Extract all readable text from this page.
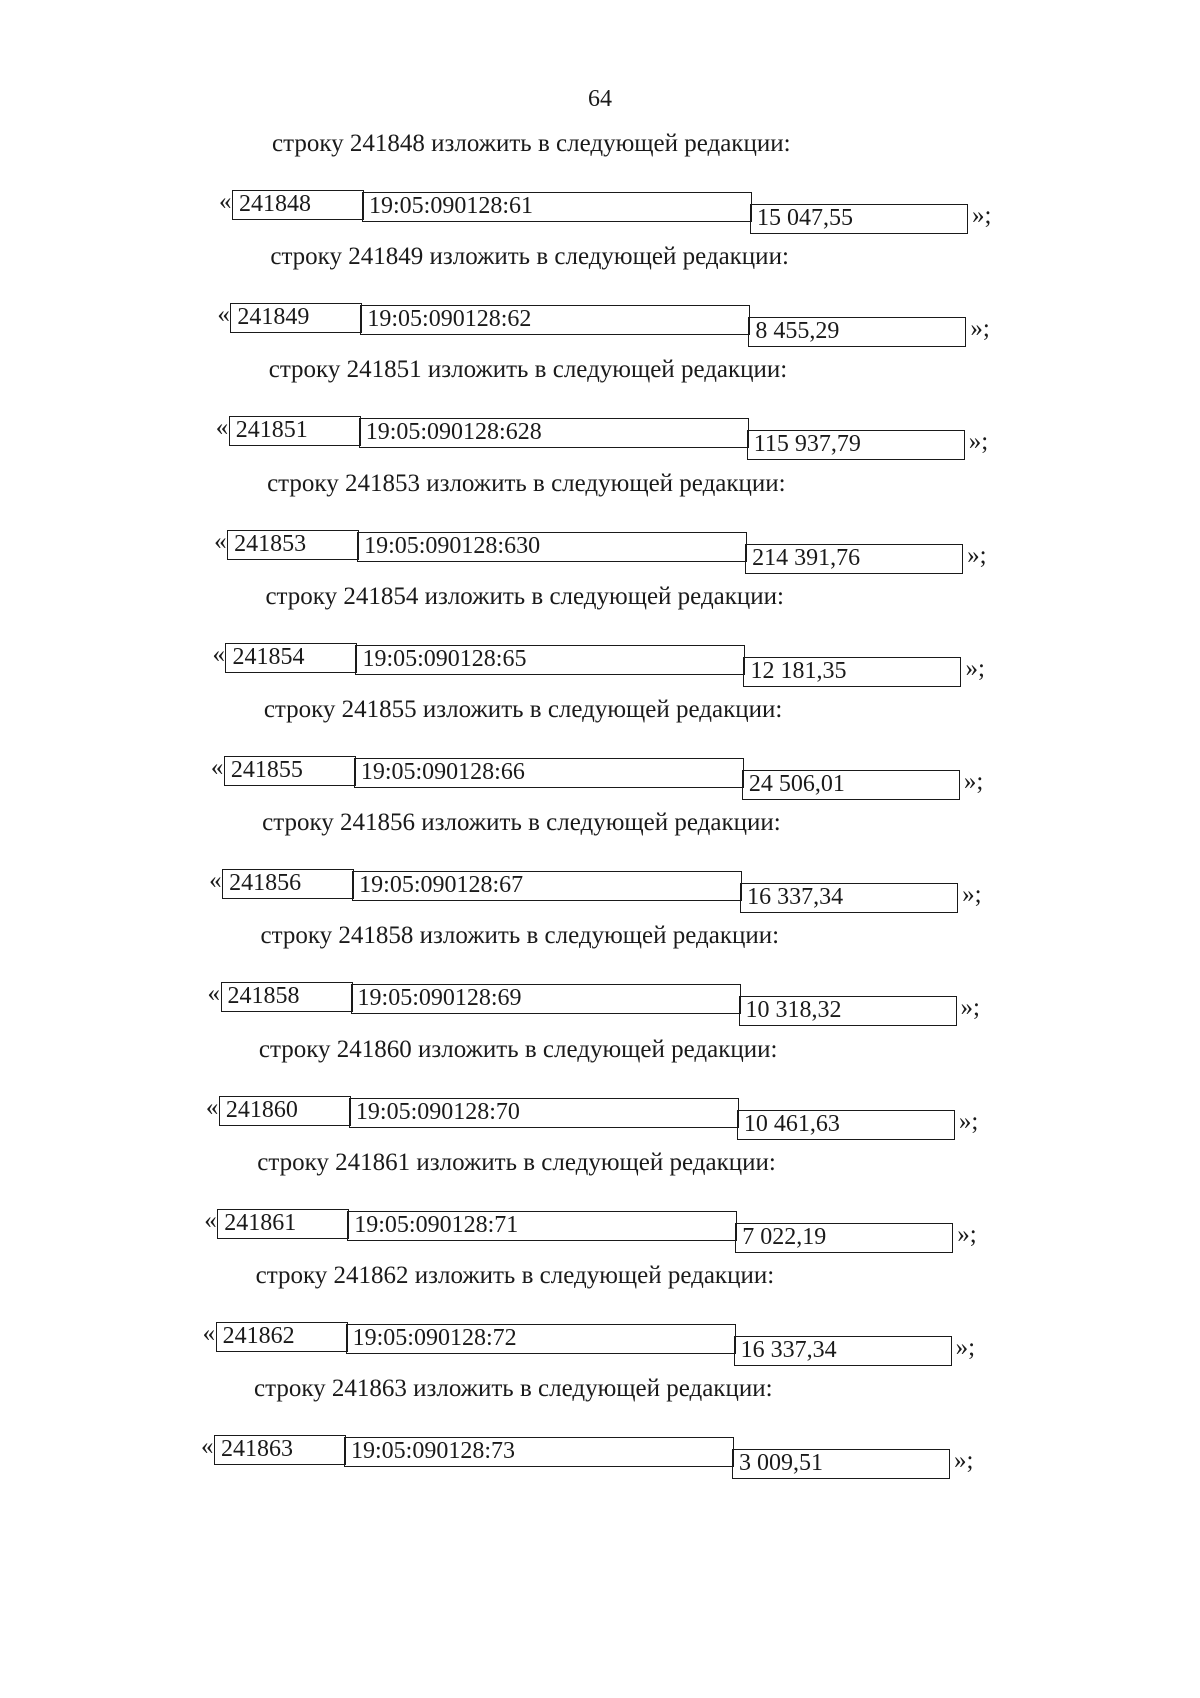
64
строку 241848 изложить в следующей редакции:
« 241848	19:05:090128:61	15 047,55	»;
строку 241849 изложить в следующей редакции:
« 241849	19:05:090128:62	8 455,29	»;
строку 241851 изложить в следующей редакции:
« 241851	19:05:090128:628	115 937,79	»;
строку 241853 изложить в следующей редакции:
« 241853	19:05:090128:630	214 391,76	»;
строку 241854 изложить в следующей редакции:
« 241854	19:05:090128:65	12 181,35	»;
строку 241855 изложить в следующей редакции:
« 241855	19:05:090128:66	24 506,01	»;
строку 241856 изложить в следующей редакции:
« 241856	19:05:090128:67	16 337,34	»;
строку 241858 изложить в следующей редакции:
« 241858	19:05:090128:69	10 318,32	»;
строку 241860 изложить в следующей редакции:
« 241860	19:05:090128:70	10 461,63	»;
строку 241861 изложить в следующей редакции:
« 241861	19:05:090128:71	7 022,19	»;
строку 241862 изложить в следующей редакции:
« 241862	19:05:090128:72	16 337,34	»;
строку 241863 изложить в следующей редакции:
« 241863	19:05:090128:73	3 009,51	»;
